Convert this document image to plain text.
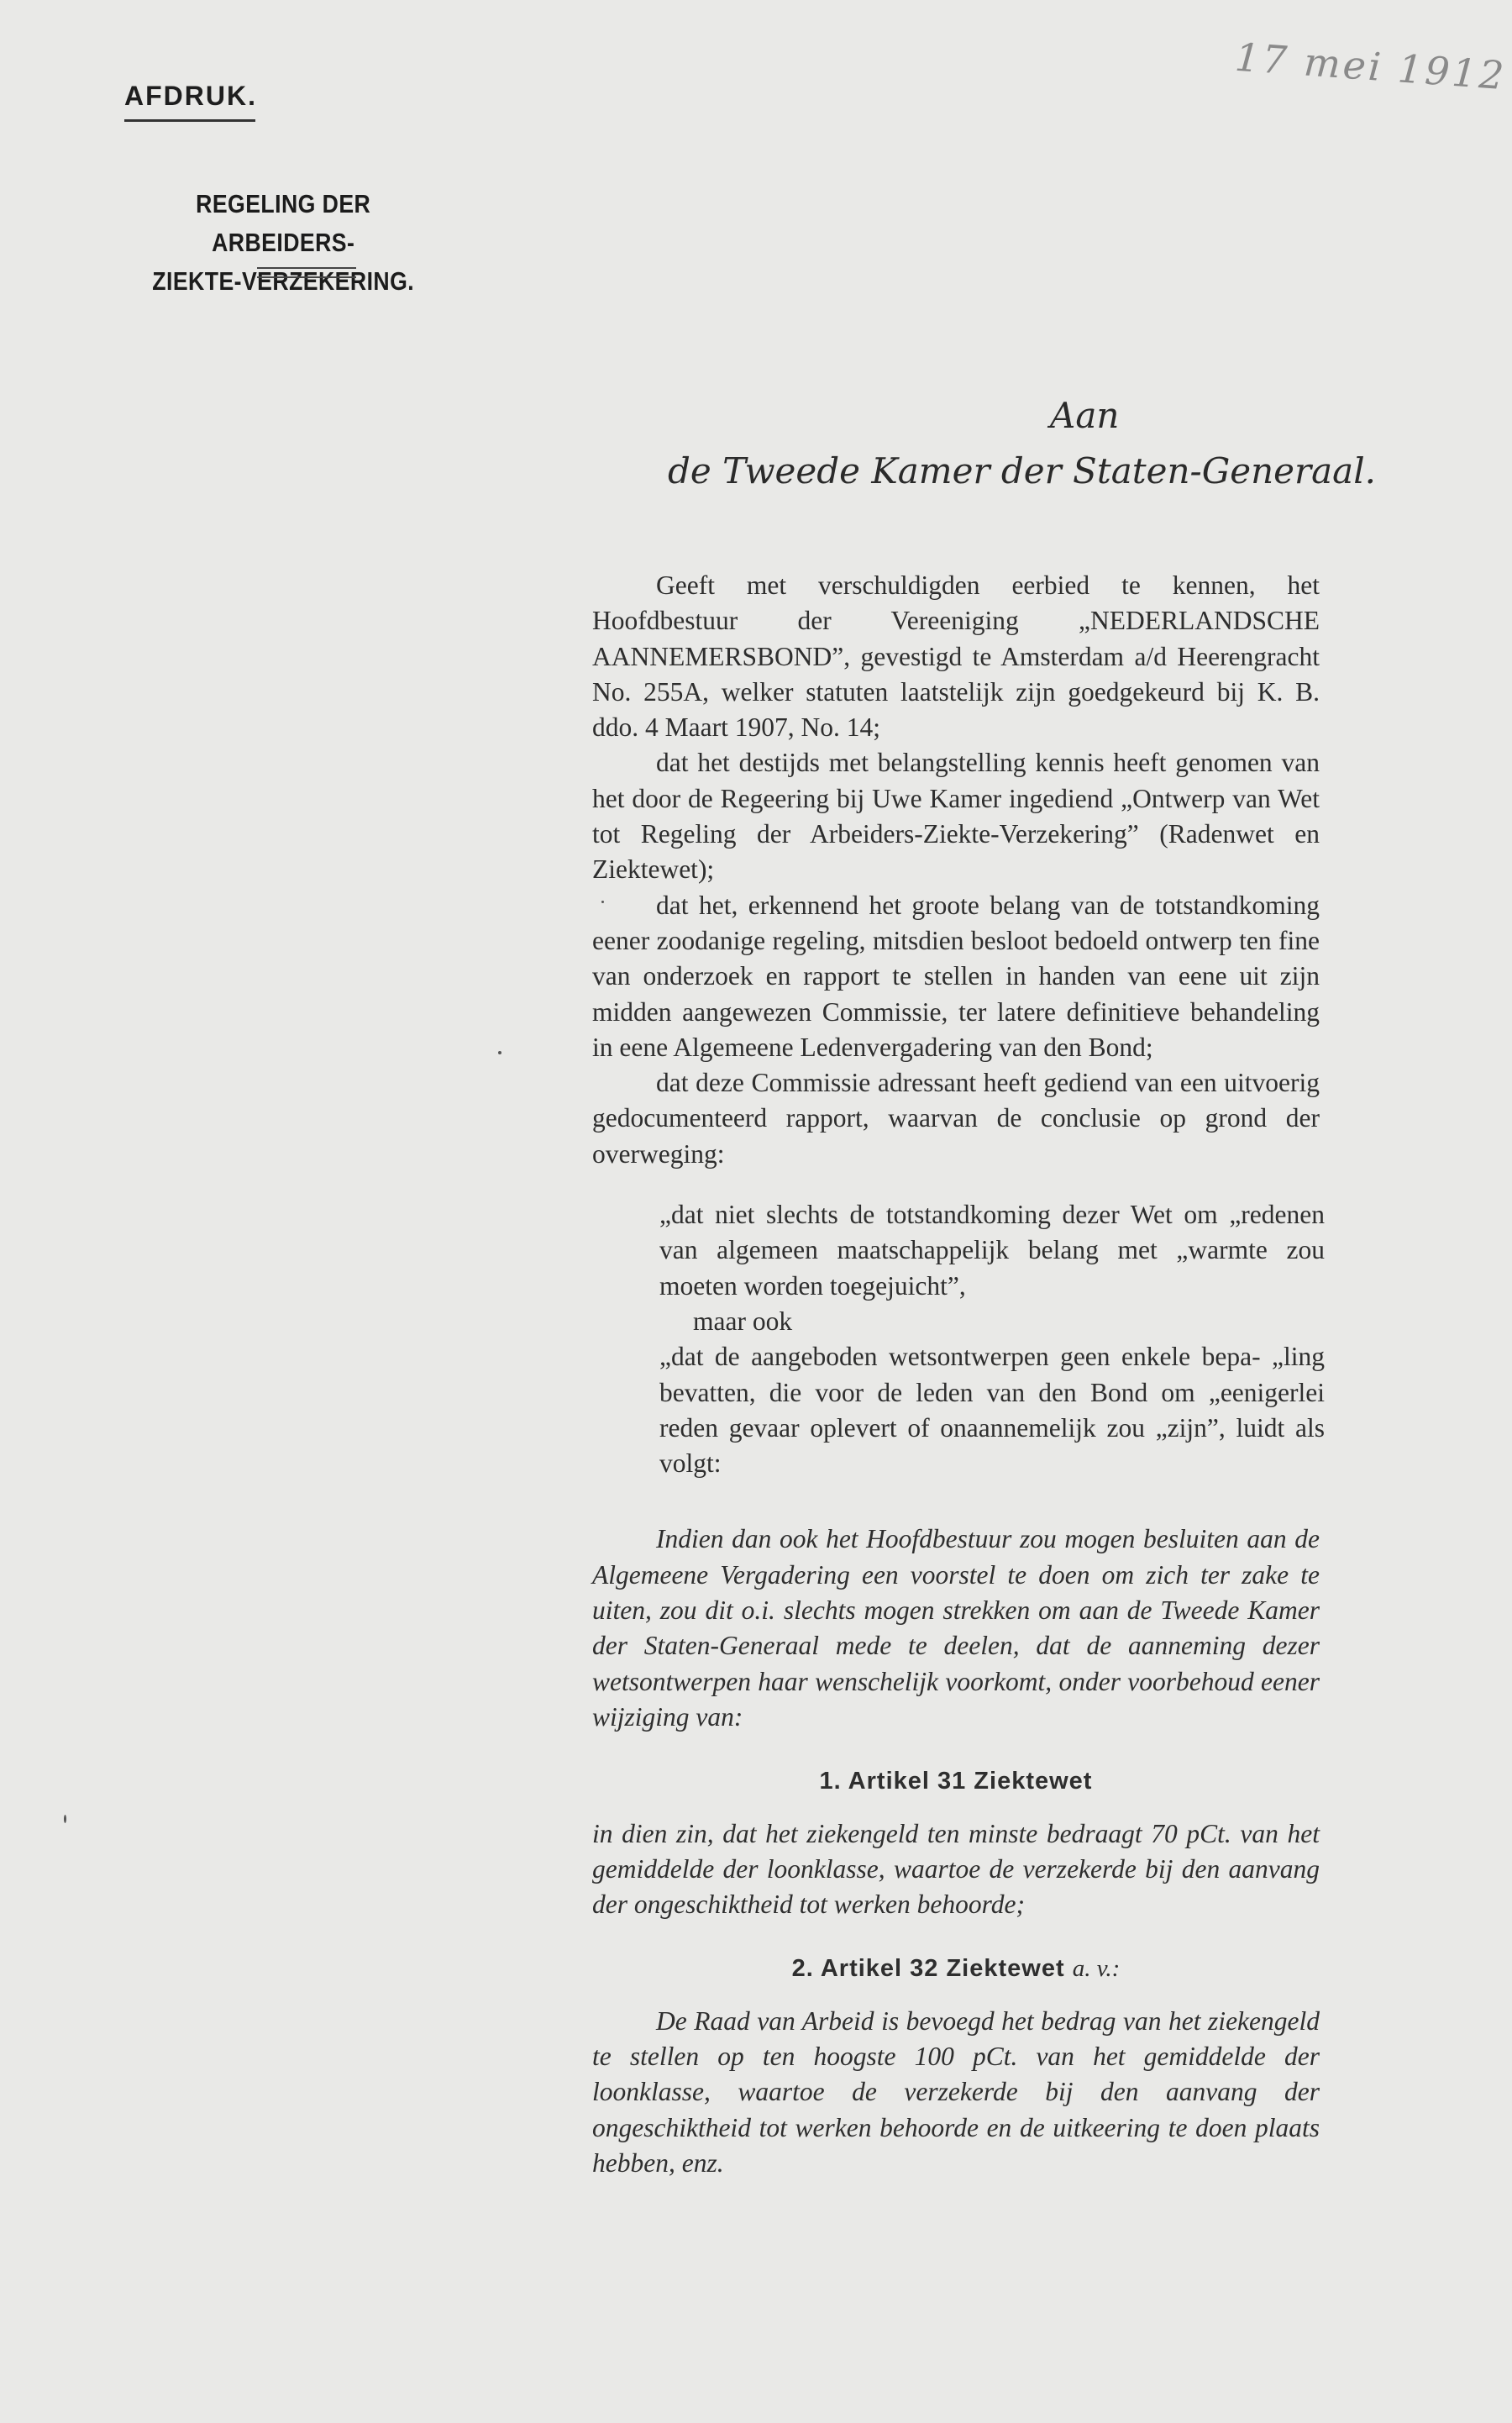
AFDRUK.
REGELING DER ARBEIDERS-
ZIEKTE-VERZEKERING.
17 mei 1912
Aan
de Tweede Kamer der Staten-Generaal.

Geeft met verschuldigden eerbied te kennen, het Hoofdbestuur der Vereeniging „NEDERLANDSCHE AANNEMERSBOND”, gevestigd te Amsterdam a/d Heerengracht No. 255A, welker statuten laatstelijk zijn goedgekeurd bij K. B. ddo. 4 Maart 1907, No. 14;

dat het destijds met belangstelling kennis heeft genomen van het door de Regeering bij Uwe Kamer ingediend „Ontwerp van Wet tot Regeling der Arbeiders-Ziekte-Verzekering” (Radenwet en Ziektewet);

dat het, erkennend het groote belang van de totstandkoming eener zoodanige regeling, mitsdien besloot bedoeld ontwerp ten fine van onderzoek en rapport te stellen in handen van eene uit zijn midden aangewezen Commissie, ter latere definitieve behandeling in eene Algemeene Ledenvergadering van den Bond;

dat deze Commissie adressant heeft gediend van een uitvoerig gedocumenteerd rapport, waarvan de conclusie op grond der overweging:

„dat niet slechts de totstandkoming dezer Wet om „redenen van algemeen maatschappelijk belang met „warmte zou moeten worden toegejuicht”,

maar ook

„dat de aangeboden wetsontwerpen geen enkele bepa- „ling bevatten, die voor de leden van den Bond om „eenigerlei reden gevaar oplevert of onaannemelijk zou „zijn”, luidt als volgt:

Indien dan ook het Hoofdbestuur zou mogen besluiten aan de Algemeene Vergadering een voorstel te doen om zich ter zake te uiten, zou dit o.i. slechts mogen strekken om aan de Tweede Kamer der Staten-Generaal mede te deelen, dat de aanneming dezer wetsontwerpen haar wenschelijk voorkomt, onder voorbehoud eener wijziging van:

1. Artikel 31 Ziektewet

in dien zin, dat het ziekengeld ten minste bedraagt 70 pCt. van het gemiddelde der loonklasse, waartoe de verzekerde bij den aanvang der ongeschiktheid tot werken behoorde;

2. Artikel 32 Ziektewet a. v.:

De Raad van Arbeid is bevoegd het bedrag van het ziekengeld te stellen op ten hoogste 100 pCt. van het gemiddelde der loonklasse, waartoe de verzekerde bij den aanvang der ongeschiktheid tot werken behoorde en de uitkeering te doen plaats hebben, enz.
